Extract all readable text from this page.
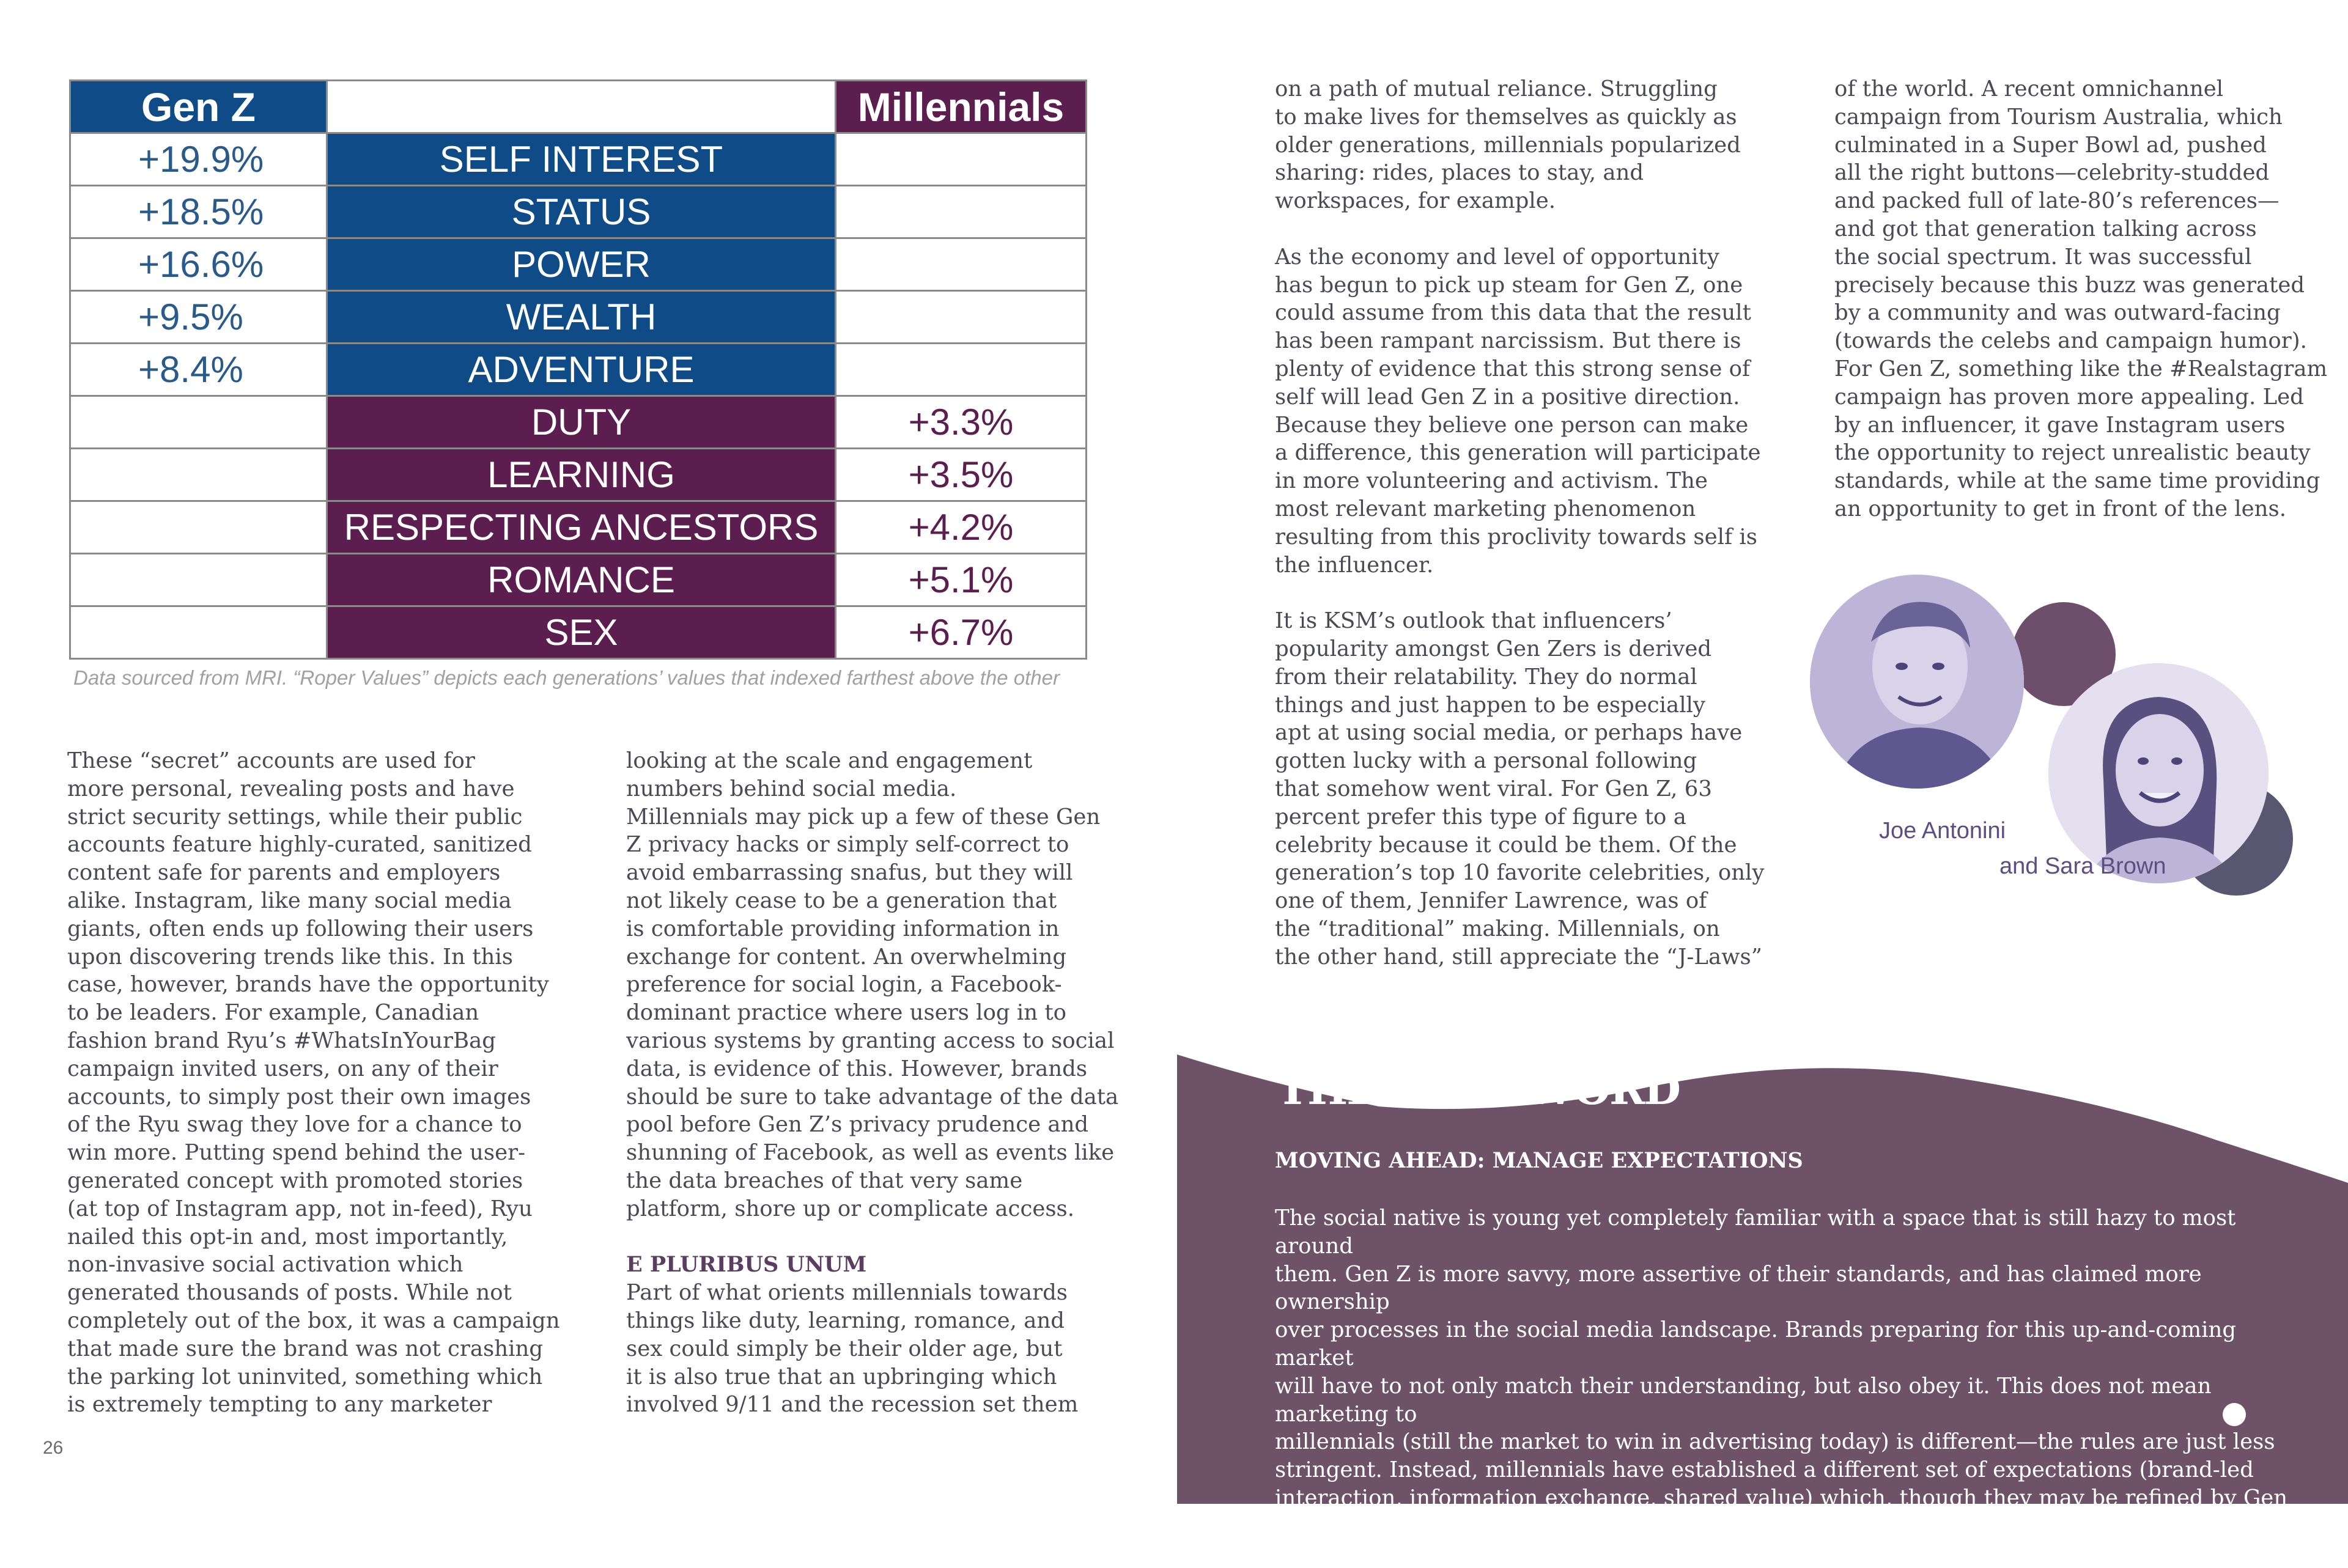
Gen Z		Millennials
+19.9%	SELF INTEREST	
+18.5%	STATUS	
+16.6%	POWER	
+9.5%	WEALTH	
+8.4%	ADVENTURE	
	DUTY	+3.3%
	LEARNING	+3.5%
	RESPECTING ANCESTORS	+4.2%
	ROMANCE	+5.1%
	SEX	+6.7%
Data sourced from MRI. “Roper Values” depicts each generations’ values that indexed farthest above the other

These “secret” accounts are used for
more personal, revealing posts and have
strict security settings, while their public
accounts feature highly-curated, sanitized
content safe for parents and employers
alike. Instagram, like many social media
giants, often ends up following their users
upon discovering trends like this. In this
case, however, brands have the opportunity
to be leaders. For example, Canadian
fashion brand Ryu’s #WhatsInYourBag
campaign invited users, on any of their
accounts, to simply post their own images
of the Ryu swag they love for a chance to
win more. Putting spend behind the user-
generated concept with promoted stories
(at top of Instagram app, not in-feed), Ryu
nailed this opt-in and, most importantly,
non-invasive social activation which
generated thousands of posts. While not
completely out of the box, it was a campaign
that made sure the brand was not crashing
the parking lot uninvited, something which
is extremely tempting to any marketer

looking at the scale and engagement
numbers behind social media.
Millennials may pick up a few of these Gen
Z privacy hacks or simply self-correct to
avoid embarrassing snafus, but they will
not likely cease to be a generation that
is comfortable providing information in
exchange for content. An overwhelming
preference for social login, a Facebook-
dominant practice where users log in to
various systems by granting access to social
data, is evidence of this. However, brands
should be sure to take advantage of the data
pool before Gen Z’s privacy prudence and
shunning of Facebook, as well as events like
the data breaches of that very same
platform, shore up or complicate access.

E PLURIBUS UNUM

Part of what orients millennials towards
things like duty, learning, romance, and
sex could simply be their older age, but
it is also true that an upbringing which
involved 9/11 and the recession set them

26

on a path of mutual reliance. Struggling
to make lives for themselves as quickly as
older generations, millennials popularized
sharing: rides, places to stay, and
workspaces, for example.

As the economy and level of opportunity
has begun to pick up steam for Gen Z, one
could assume from this data that the result
has been rampant narcissism. But there is
plenty of evidence that this strong sense of
self will lead Gen Z in a positive direction.
Because they believe one person can make
a difference, this generation will participate
in more volunteering and activism. The
most relevant marketing phenomenon
resulting from this proclivity towards self is
the influencer.

It is KSM’s outlook that influencers’
popularity amongst Gen Zers is derived
from their relatability. They do normal
things and just happen to be especially
apt at using social media, or perhaps have
gotten lucky with a personal following
that somehow went viral. For Gen Z, 63
percent prefer this type of figure to a
celebrity because it could be them. Of the
generation’s top 10 favorite celebrities, only
one of them, Jennifer Lawrence, was of
the “traditional” making. Millennials, on
the other hand, still appreciate the “J-Laws”

of the world. A recent omnichannel
campaign from Tourism Australia, which
culminated in a Super Bowl ad, pushed
all the right buttons—celebrity-studded
and packed full of late-80’s references—
and got that generation talking across
the social spectrum. It was successful
precisely because this buzz was generated
by a community and was outward-facing
(towards the celebs and campaign humor).
For Gen Z, something like the #Realstagram
campaign has proven more appealing. Led
by an influencer, it gave Instagram users
the opportunity to reject unrealistic beauty
standards, while at the same time providing
an opportunity to get in front of the lens.

Joe Antonini
and Sara Brown
THE LAST WORD
MOVING AHEAD: MANAGE EXPECTATIONS

The social native is young yet completely familiar with a space that is still hazy to most around
them. Gen Z is more savvy, more assertive of their standards, and has claimed more ownership
over processes in the social media landscape. Brands preparing for this up-and-coming market
will have to not only match their understanding, but also obey it. This does not mean marketing to
millennials (still the market to win in advertising today) is different—the rules are just less
stringent. Instead, millennials have established a different set of expectations (brand-led
interaction, information exchange, shared value) which, though they may be refined by Gen Z,
have in no way been mastered by marketers and require just as much continued attention.
